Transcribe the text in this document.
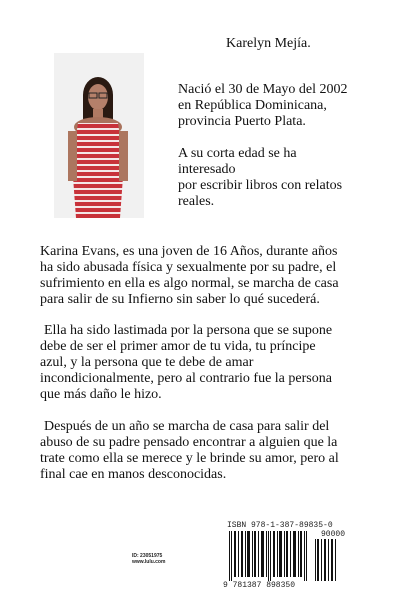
Karelyn Mejía.

Nació el 30 de Mayo del 2002
en República Dominicana,
provincia Puerto Plata.

A su corta edad se ha
interesado
por escribir libros con relatos
reales.

Karina Evans, es una joven de 16 Años, durante años
ha sido abusada física y sexualmente por su padre, el
sufrimiento en ella es algo normal, se marcha de casa
para salir de su Infierno sin saber lo qué sucederá.

Ella ha sido lastimada por la persona que se supone
debe de ser el primer amor de tu vida, tu príncipe
azul, y la persona que te debe de amar
incondicionalmente, pero al contrario fue la persona
que más daño le hizo.

Después de un año se marcha de casa para salir del
abuso de su padre pensado encontrar a alguien que la
trate como ella se merece y le brinde su amor, pero al
final cae en manos desconocidas.

ID: 23051975
www.lulu.com
ISBN 978-1-387-89835-0
90000
9 781387 898350
